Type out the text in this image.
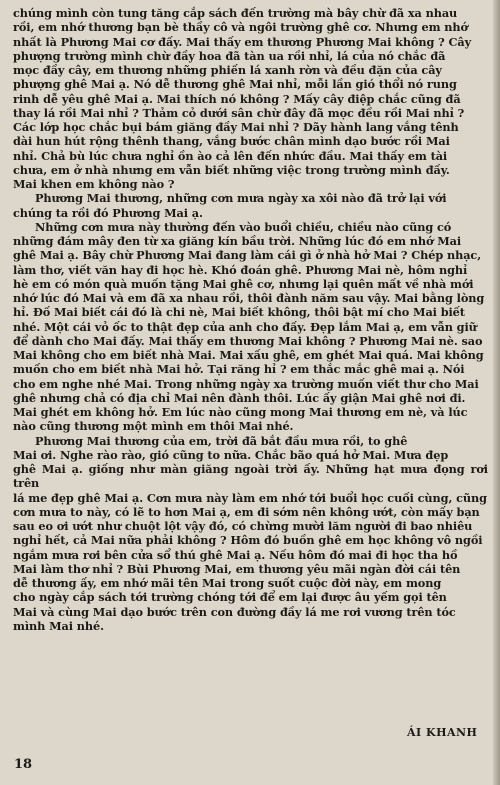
chúng mình còn tung tăng cắp sách đến trường mà bây chừ đã xa nhau
rồi, em nhớ thương bạn bè thầy cô và ngôi trường ghê cơ. Nhưng em nhớ
nhất là Phương Mai cơ đấy. Mai thấy em thương Phương Mai không ? Cây
phượng trường mình chừ đầy hoa đã tàn ua rồi nhỉ, lá của nó chắc đã
mọc đầy cây, em thương những phiến lá xanh rờn và đều đặn của cây
phượng ghê Mai ạ. Nó dễ thương ghê Mai nhỉ, mỗi lần gió thổi nó rung
rinh dễ yêu ghê Mai ạ. Mai thích nó không ? Mấy cây điệp chắc cũng đã
thay lá rồi Mai nhỉ ? Thảm cỏ dưới sân chừ đây đã mọc đều rồi Mai nhỉ ?
Các lớp học chắc bụi bám giăng đầy Mai nhỉ ? Dãy hành lang vắng tênh
dài hun hút rộng thênh thang, vắng bước chân mình dạo bước rồi Mai
nhỉ. Chả bù lúc chưa nghỉ ồn ào cả lên đến nhức đầu. Mai thấy em tài
chưa, em ở nhà nhưng em vẫn biết những việc trong trường mình đấy.
Mai khen em không nào ?

Phương Mai thương, những cơn mưa ngày xa xôi nào đã trở lại với
chúng ta rồi đó Phương Mai ạ.

Những cơn mưa này thường đến vào buổi chiều, chiều nào cũng có
những đám mây đen từ xa giăng kín bầu trời. Những lúc đó em nhớ Mai
ghê Mai ạ. Bây chừ Phương Mai đang làm cái gì ở nhà hở Mai ? Chép nhạc,
làm thơ, viết văn hay đi học hè. Khó đoán ghê. Phương Mai nè, hôm nghỉ
hè em có món quà muốn tặng Mai ghê cơ, nhưng lại quên mất về nhà mới
nhớ lúc đó Mai và em đã xa nhau rồi, thôi đành năm sau vậy. Mai bằng lòng
hỉ. Đố Mai biết cái đó là chi nè, Mai biết không, thôi bật mí cho Mai biết
nhé. Một cái vỏ ốc to thật đẹp của anh cho đấy. Đẹp lắm Mai ạ, em vẫn giữ
để dành cho Mai đấy. Mai thấy em thương Mai không ? Phương Mai nè. sao
Mai không cho em biết nhà Mai. Mai xấu ghê, em ghét Mai quá. Mai không
muốn cho em biết nhà Mai hở. Tại răng hỉ ? em thắc mắc ghê mai ạ. Nói
cho em nghe nhé Mai. Trong những ngày xa trường muốn viết thư cho Mai
ghê nhưng chả có địa chỉ Mai nên đành thôi. Lúc ấy giận Mai ghê nơi đi.
Mai ghét em không hở. Em lúc nào cũng mong Mai thương em nè, và lúc
nào cũng thương một mình em thôi Mai nhé.

Phương Mai thương của em, trời đã bắt đầu mưa rồi, to ghê
Mai ơi. Nghe rào rào, gió cũng to nữa. Chắc bão quá hở Mai. Mưa đẹp
ghê Mai ạ. giống như màn giăng ngoài trời ấy. Những hạt mưa đọng rơi trên
lá me đẹp ghê Mai ạ. Cơn mưa này làm em nhớ tới buổi học cuối cùng, cũng
cơn mưa to này, có lẽ to hơn Mai ạ, em đi sớm nên không ướt, còn mấy bạn
sau eo ơi ướt như chuột lột vậy đó, có chừng mười lăm người đi bao nhiêu
nghỉ hết, cả Mai nữa phải không ? Hôm đó buồn ghê em học không vô ngồi
ngắm mưa rơi bên cửa sổ thú ghê Mai ạ. Nếu hôm đó mai đi học tha hồ
Mai làm thơ nhỉ ? Bùi Phương Mai, em thương yêu mãi ngàn đời cái tên
dễ thương ấy, em nhớ mãi tên Mai trong suốt cuộc đời này, em mong
cho ngày cắp sách tới trường chóng tới để em lại được âu yếm gọi tên
Mai và cùng Mai dạo bước trên con đường đầy lá me rơi vương trên tóc
mình Mai nhé.

ÁI KHANH
18
